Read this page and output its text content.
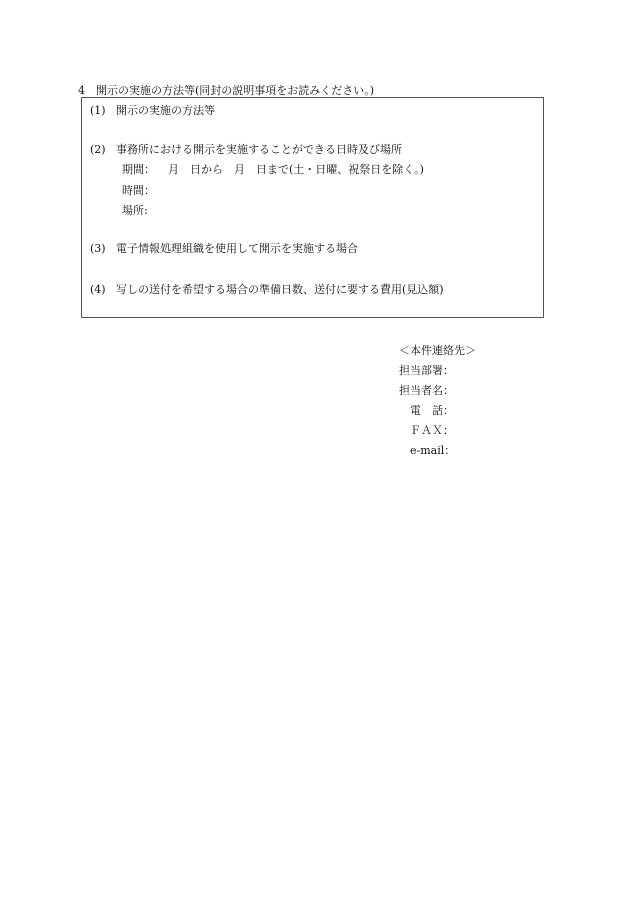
4　開示の実施の方法等(同封の説明事項をお読みください。)
(1) 開示の実施の方法等
(2) 事務所における開示を実施することができる日時及び場所
期間： 月　日から　月　日まで(土・日曜、祝祭日を除く。)
時間：
場所:
(3) 電子情報処理組織を使用して開示を実施する場合
(4) 写しの送付を希望する場合の準備日数、送付に要する費用(見込額)
＜本件連絡先＞
担当部署：
担当者名：
電　話：
ＦＡＸ：
e-mail：
